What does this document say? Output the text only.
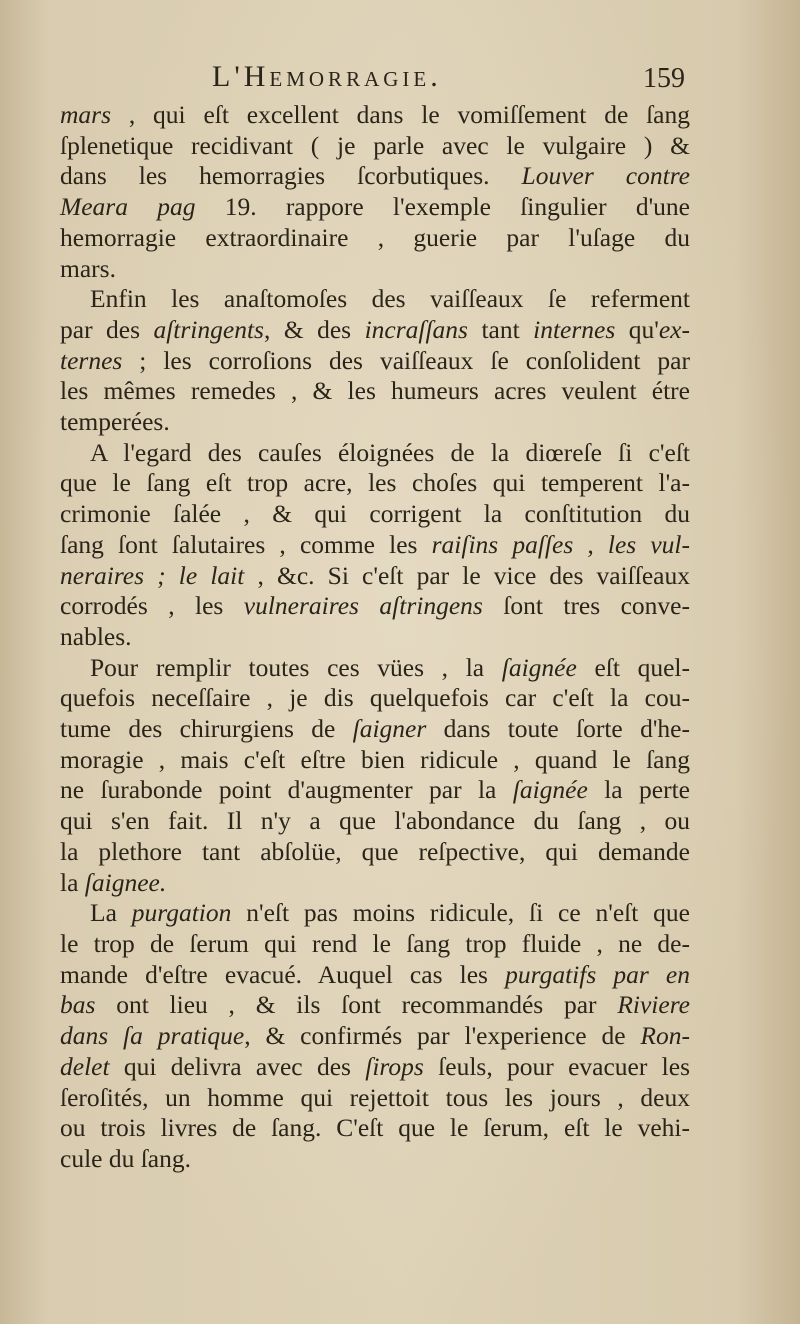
L'Hemorragie.	159
mars , qui eſt excellent dans le vomiſſement de ſang
ſplenetique recidivant ( je parle avec le vulgaire ) &
dans les hemorragies ſcorbutiques. Louver contre
Meara pag 19. rappore l'exemple ſingulier d'une
hemorragie extraordinaire , guerie par l'uſage du
mars.
Enfin les anaſtomoſes des vaiſſeaux ſe referment
par des aſtringents, & des incraſſans tant internes qu'ex-
ternes ; les corroſions des vaiſſeaux ſe conſolident par
les mêmes remedes , & les humeurs acres veulent étre
temperées.
A l'egard des cauſes éloignées de la diœreſe ſi c'eſt
que le ſang eſt trop acre, les choſes qui temperent l'a-
crimonie ſalée , & qui corrigent la conſtitution du
ſang ſont ſalutaires , comme les raiſins paſſes , les vul-
neraires ; le lait , &c. Si c'eſt par le vice des vaiſſeaux
corrodés , les vulneraires aſtringens ſont tres conve-
nables.
Pour remplir toutes ces vües , la ſaignée eſt quel-
quefois neceſſaire , je dis quelquefois car c'eſt la cou-
tume des chirurgiens de ſaigner dans toute ſorte d'he-
moragie , mais c'eſt eſtre bien ridicule , quand le ſang
ne ſurabonde point d'augmenter par la ſaignée la perte
qui s'en fait. Il n'y a que l'abondance du ſang , ou
la plethore tant abſolüe, que reſpective, qui demande
la ſaignee.
La purgation n'eſt pas moins ridicule, ſi ce n'eſt que
le trop de ſerum qui rend le ſang trop fluide , ne de-
mande d'eſtre evacué. Auquel cas les purgatifs par en
bas ont lieu , & ils ſont recommandés par Riviere
dans ſa pratique, & confirmés par l'experience de Ron-
delet qui delivra avec des ſirops ſeuls, pour evacuer les
ſeroſités, un homme qui rejettoit tous les jours , deux
ou trois livres de ſang. C'eſt que le ſerum, eſt le vehi-
cule du ſang.
